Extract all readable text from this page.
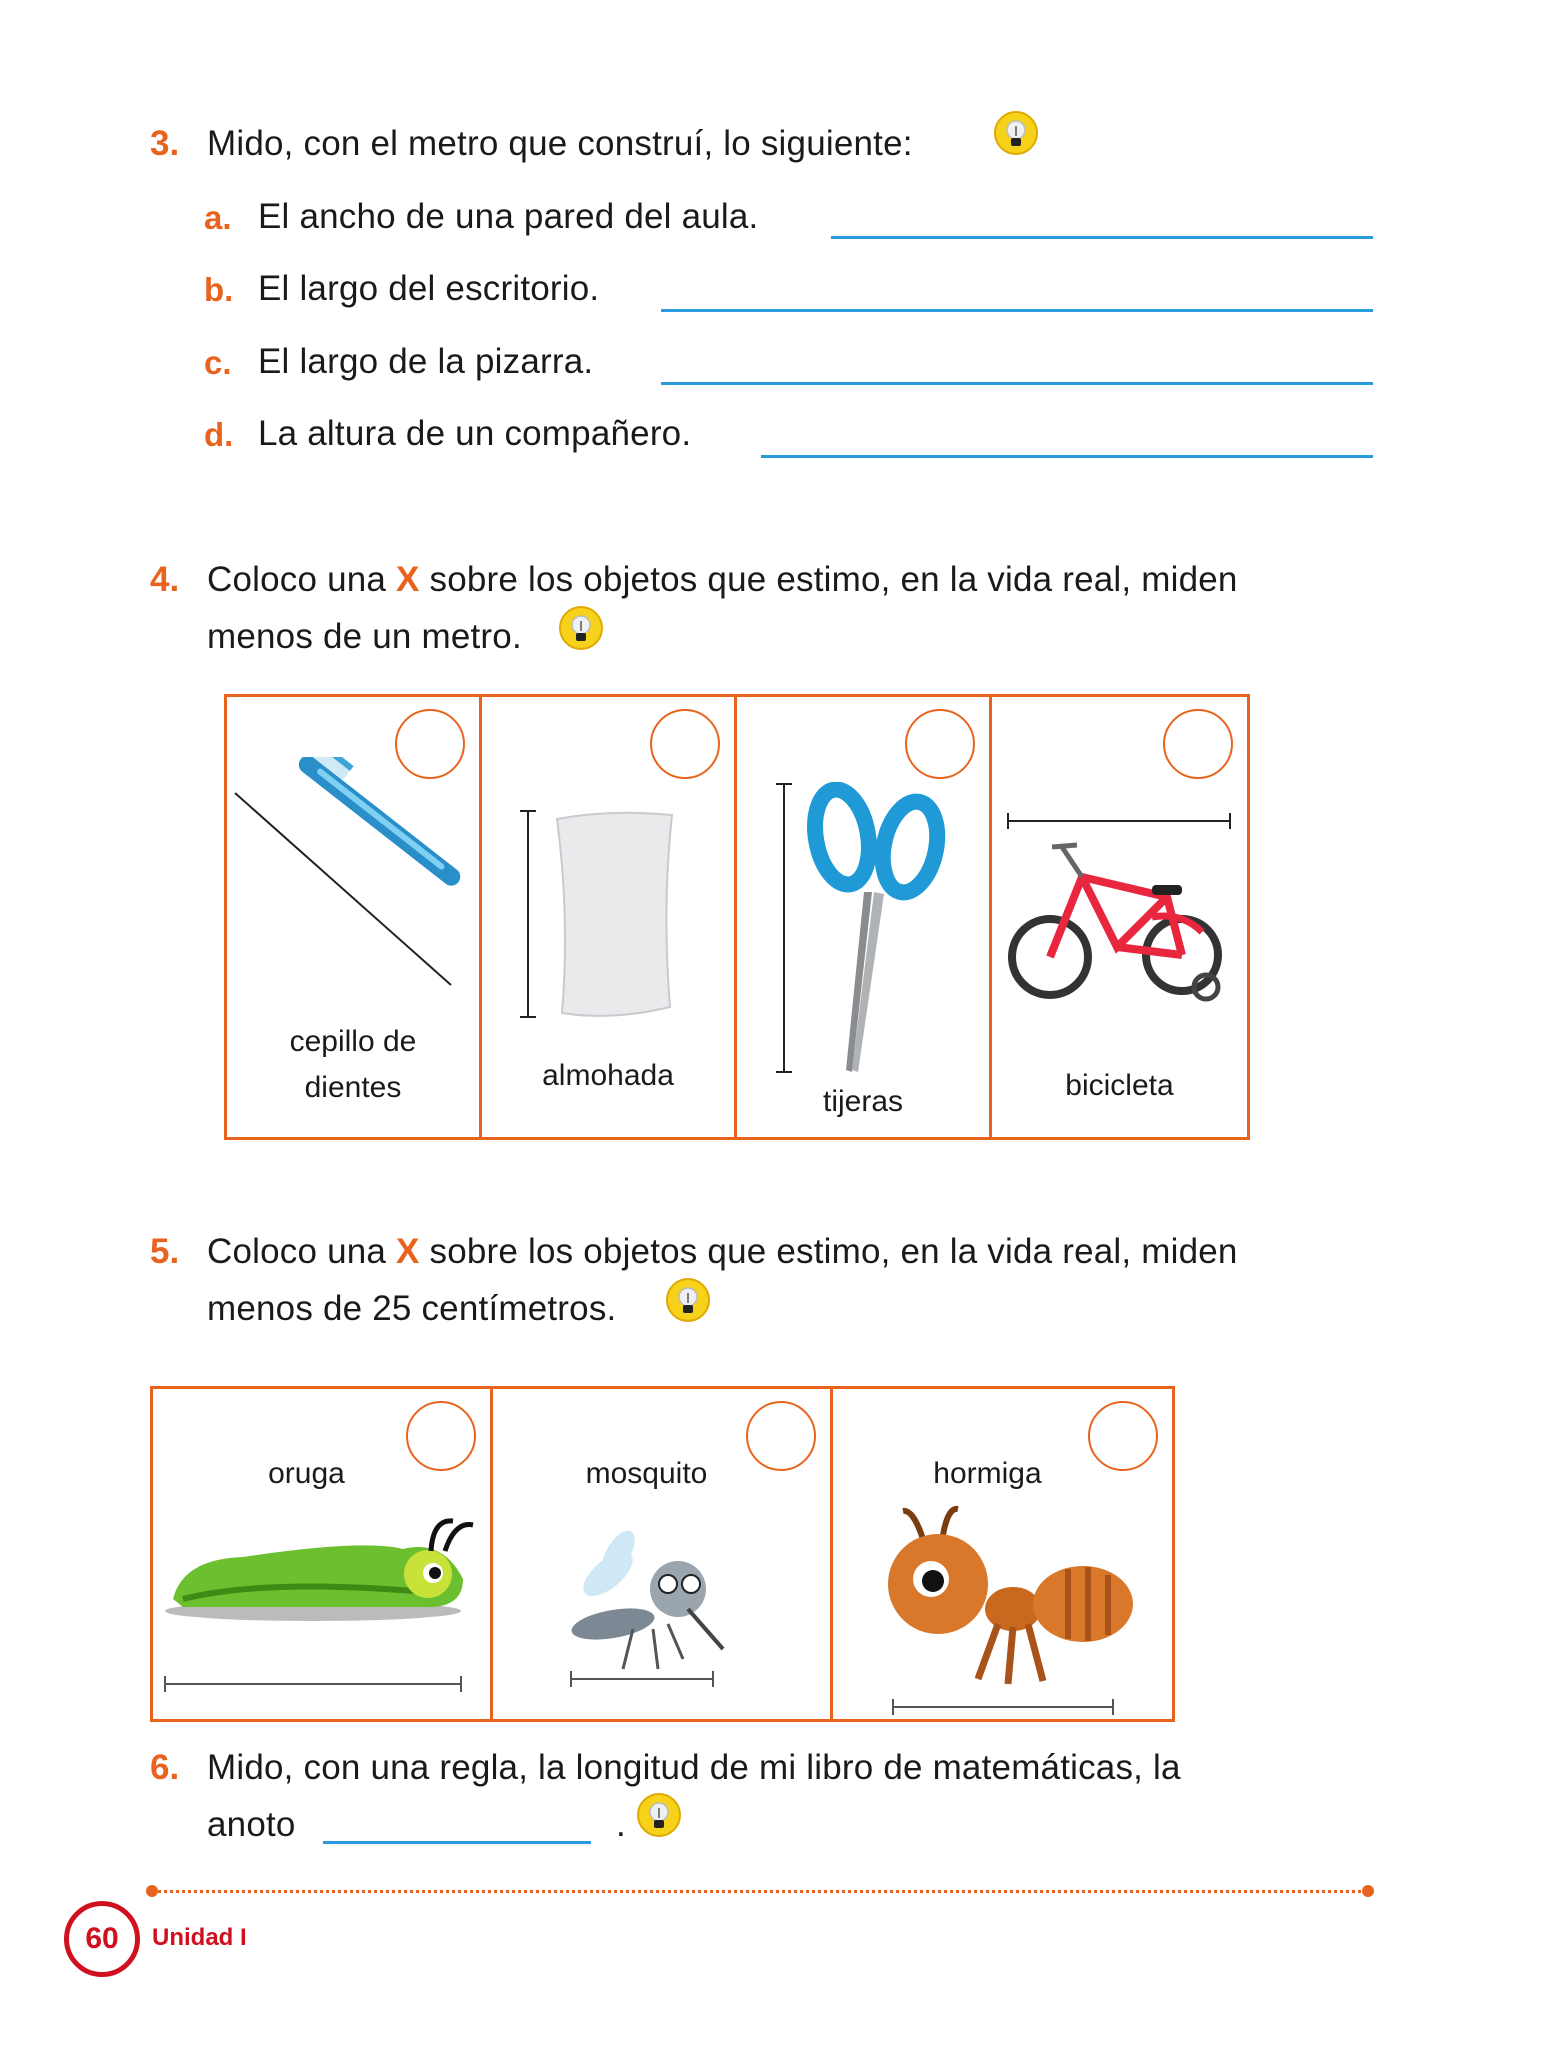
3. Mido, con el metro que construí, lo siguiente:
a. El ancho de una pared del aula.
b. El largo del escritorio.
c. El largo de la pizarra.
d. La altura de un compañero.
4. Coloco una X sobre los objetos que estimo, en la vida real, miden
menos de un metro.
cepillo de
dientes	almohada
tijeras	bicicleta
5. Coloco una X sobre los objetos que estimo, en la vida real, miden
menos de 25 centímetros.
oruga	mosquito	hormiga
6. Mido, con una regla, la longitud de mi libro de matemáticas, la
anoto	.
60	Unidad I
